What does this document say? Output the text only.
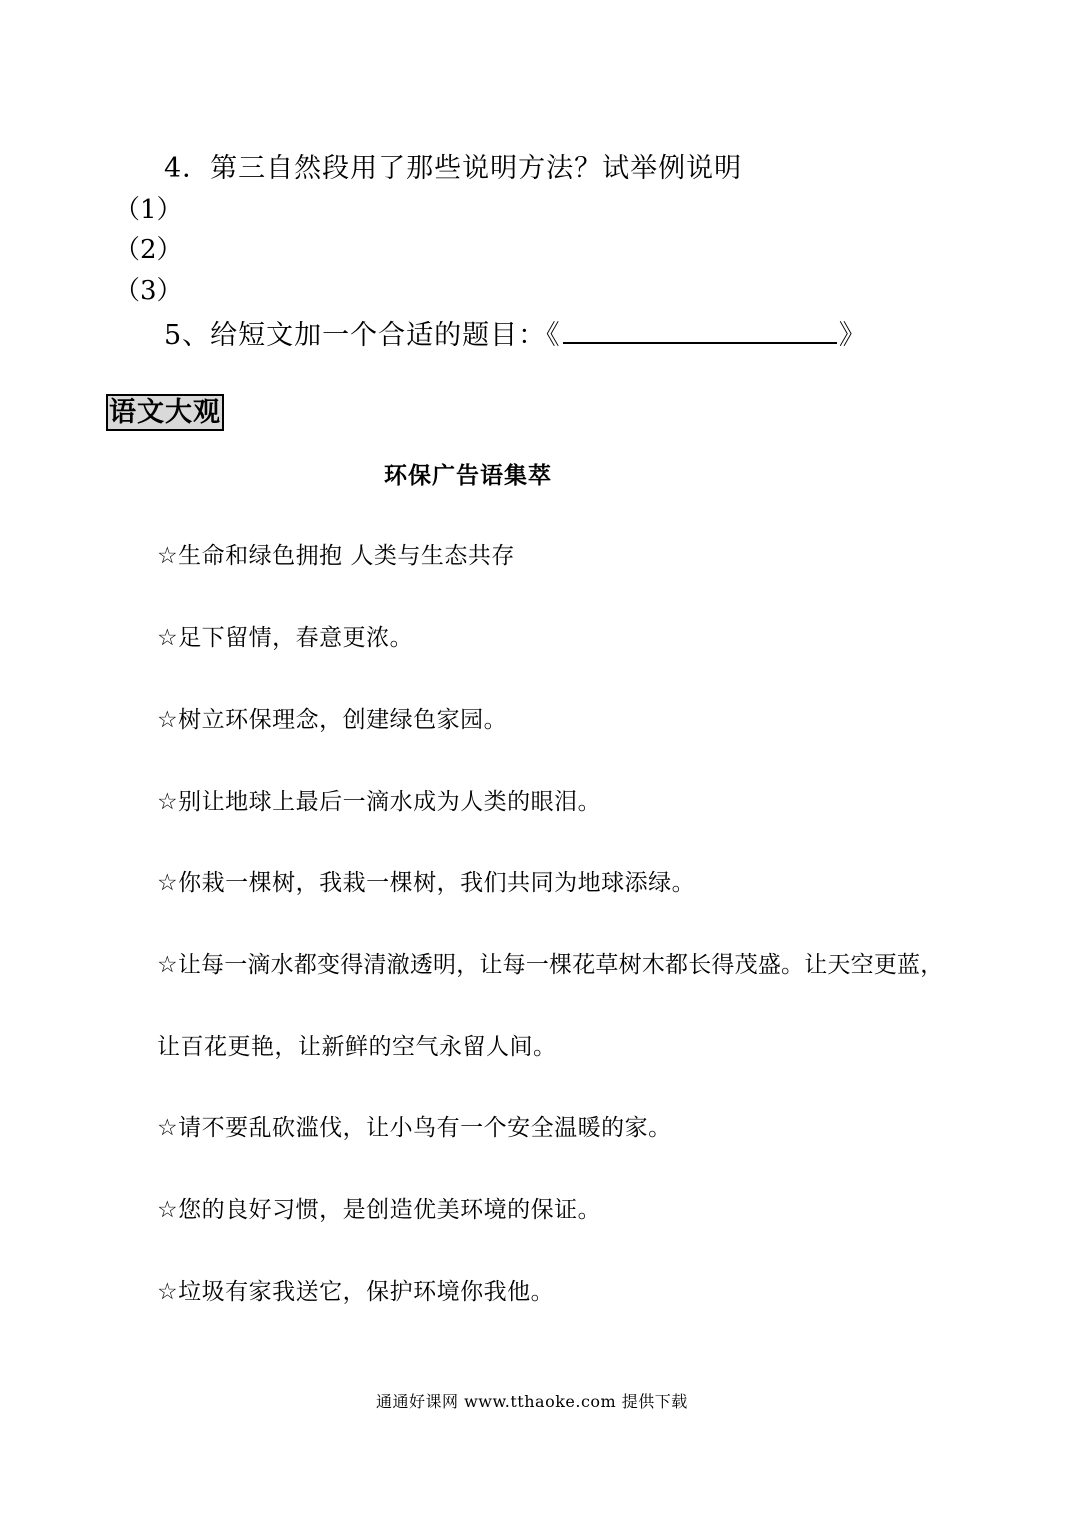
4．第三自然段用了那些说明方法？试举例说明
（1）
（2）
（3）
5、给短文加一个合适的题目：《	》
语文大观
环保广告语集萃
☆生命和绿色拥抱 人类与生态共存
☆足下留情，春意更浓。
☆树立环保理念，创建绿色家园。
☆别让地球上最后一滴水成为人类的眼泪。
☆你栽一棵树，我栽一棵树，我们共同为地球添绿。
☆让每一滴水都变得清澈透明，让每一棵花草树木都长得茂盛。让天空更蓝，
让百花更艳，让新鲜的空气永留人间。
☆请不要乱砍滥伐，让小鸟有一个安全温暖的家。
☆您的良好习惯，是创造优美环境的保证。
☆垃圾有家我送它，保护环境你我他。
通通好课网 www.tthaoke.com 提供下载
